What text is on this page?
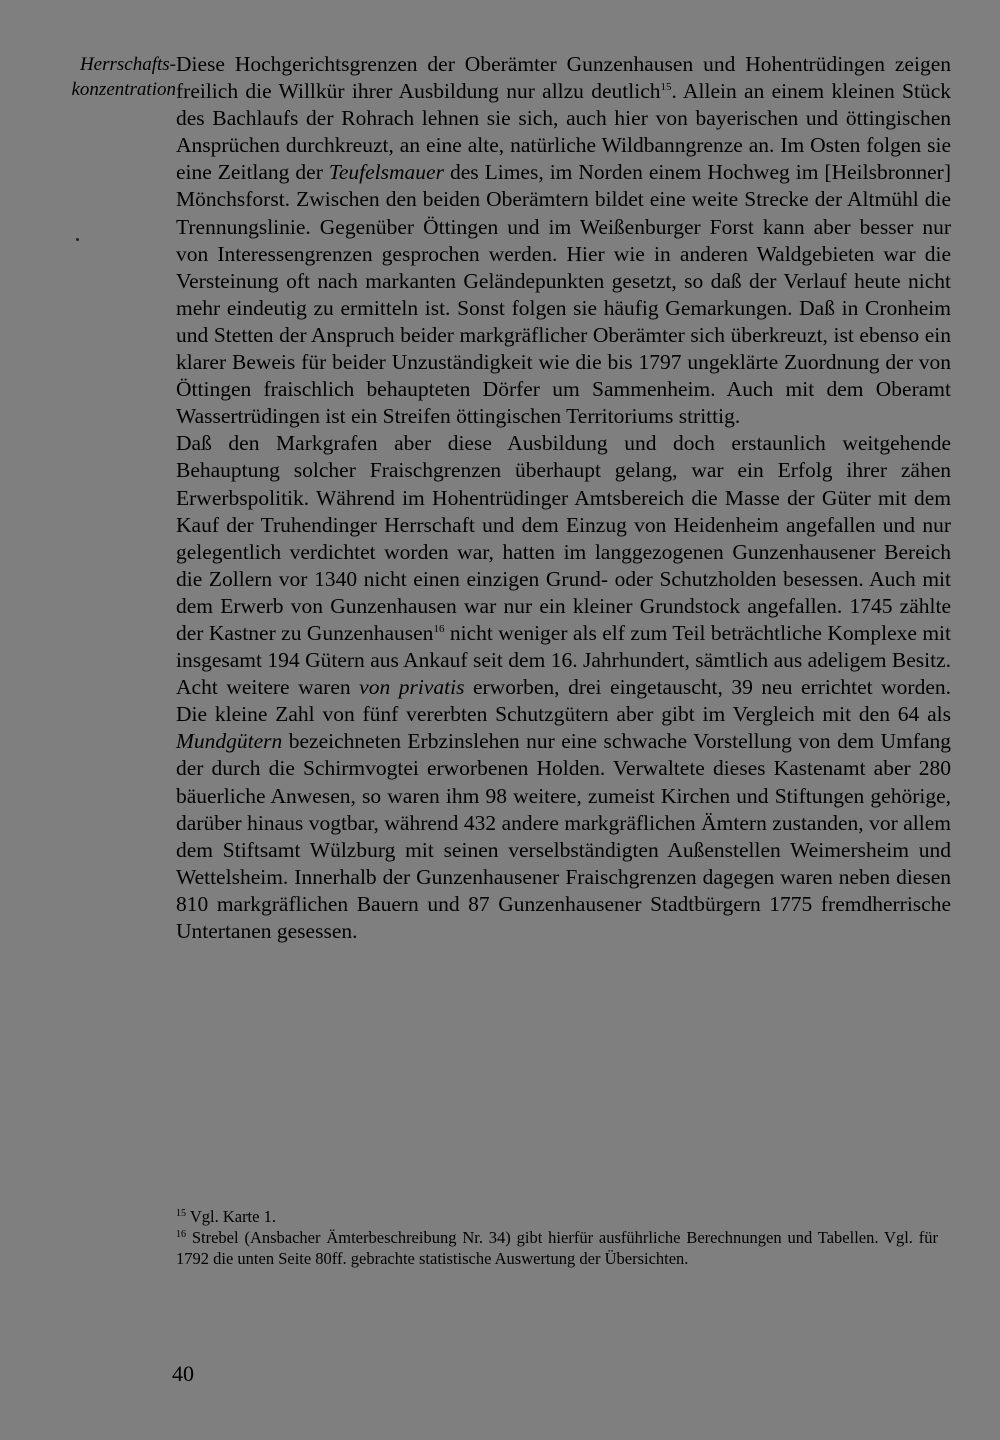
Herrschafts-
konzentration

Diese Hochgerichtsgrenzen der Oberämter Gunzenhausen und Hohentrüdingen zeigen freilich die Willkür ihrer Ausbildung nur allzu deutlich$^{15}$. Allein an einem kleinen Stück des Bachlaufs der Rohrach lehnen sie sich, auch hier von bayerischen und öttingischen Ansprüchen durchkreuzt, an eine alte, natürliche Wildbanngrenze an. Im Osten folgen sie eine Zeitlang der Teufelsmauer des Limes, im Norden einem Hochweg im [Heilsbronner] Mönchsforst. Zwischen den beiden Oberämtern bildet eine weite Strecke der Altmühl die Trennungslinie. Gegenüber Öttingen und im Weißenburger Forst kann aber besser nur von Interessengrenzen gesprochen werden. Hier wie in anderen Waldgebieten war die Versteinung oft nach markanten Geländepunkten gesetzt, so daß der Verlauf heute nicht mehr eindeutig zu ermitteln ist. Sonst folgen sie häufig Gemarkungen. Daß in Cronheim und Stetten der Anspruch beider markgräflicher Oberämter sich überkreuzt, ist ebenso ein klarer Beweis für beider Unzuständigkeit wie die bis 1797 ungeklärte Zuordnung der von Öttingen fraischlich behaupteten Dörfer um Sammenheim. Auch mit dem Oberamt Wassertrüdingen ist ein Streifen öttingischen Territoriums strittig.

Daß den Markgrafen aber diese Ausbildung und doch erstaunlich weitgehende Behauptung solcher Fraischgrenzen überhaupt gelang, war ein Erfolg ihrer zähen Erwerbspolitik. Während im Hohentrüdinger Amtsbereich die Masse der Güter mit dem Kauf der Truhendinger Herrschaft und dem Einzug von Heidenheim angefallen und nur gelegentlich verdichtet worden war, hatten im langgezogenen Gunzenhausener Bereich die Zollern vor 1340 nicht einen einzigen Grund- oder Schutzholden besessen. Auch mit dem Erwerb von Gunzenhausen war nur ein kleiner Grundstock angefallen. 1745 zählte der Kastner zu Gunzenhausen$^{16}$ nicht weniger als elf zum Teil beträchtliche Komplexe mit insgesamt 194 Gütern aus Ankauf seit dem 16. Jahrhundert, sämtlich aus adeligem Besitz. Acht weitere waren von privatis erworben, drei eingetauscht, 39 neu errichtet worden. Die kleine Zahl von fünf vererbten Schutzgütern aber gibt im Vergleich mit den 64 als Mundgütern bezeichneten Erbzinslehen nur eine schwache Vorstellung von dem Umfang der durch die Schirmvogtei erworbenen Holden. Verwaltete dieses Kastenamt aber 280 bäuerliche Anwesen, so waren ihm 98 weitere, zumeist Kirchen und Stiftungen gehörige, darüber hinaus vogtbar, während 432 andere markgräflichen Ämtern zustanden, vor allem dem Stiftsamt Wülzburg mit seinen verselbständigten Außenstellen Weimersheim und Wettelsheim. Innerhalb der Gunzenhausener Fraischgrenzen dagegen waren neben diesen 810 markgräflichen Bauern und 87 Gunzenhausener Stadtbürgern 1775 fremdherrische Untertanen gesessen.

$^{15}$ Vgl. Karte 1.

$^{16}$ Strebel (Ansbacher Ämterbeschreibung Nr. 34) gibt hierfür ausführliche Berechnungen und Tabellen. Vgl. für 1792 die unten Seite 80ff. gebrachte statistische Auswertung der Übersichten.

40
